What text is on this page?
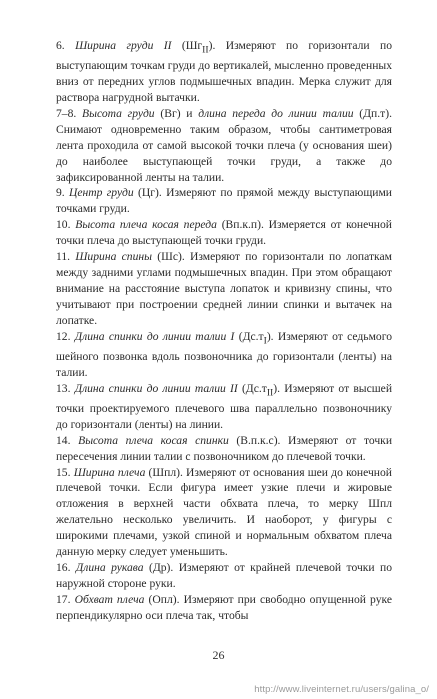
6. Ширина груди II $(Шг_{II})$. Измеряют по горизонтали по выступающим точкам груди до вертикалей, мысленно проведенных вниз от передних углов подмышечных впадин. Мерка служит для раствора нагрудной вытачки.

7–8. Высота груди (Вг) и длина переда до линии талии (Дп.т). Снимают одновременно таким образом, чтобы сантиметровая лента проходила от самой высокой точки плеча (у основания шеи) до наиболее выступающей точки груди, а также до зафиксированной ленты на талии.

9. Центр груди (Цг). Измеряют по прямой между выступающими точками груди.

10. Высота плеча косая переда (Вп.к.п). Измеряется от конечной точки плеча до выступающей точки груди.

11. Ширина спины (Шс). Измеряют по горизонтали по лопаткам между задними углами подмышечных впадин. При этом обращают внимание на расстояние выступа лопаток и кривизну спины, что учитывают при построении средней линии спинки и вытачек на лопатке.

12. Длина спинки до линии талии I $(Дс.т_I)$. Измеряют от седьмого шейного позвонка вдоль позвоночника до горизонтали (ленты) на талии.

13. Длина спинки до линии талии II $(Дс.т_{II})$. Измеряют от высшей точки проектируемого плечевого шва параллельно позвоночнику до горизонтали (ленты) на линии.

14. Высота плеча косая спинки (В.п.к.с). Измеряют от точки пересечения линии талии с позвоночником до плечевой точки.

15. Ширина плеча (Шпл). Измеряют от основания шеи до конечной плечевой точки. Если фигура имеет узкие плечи и жировые отложения в верхней части обхвата плеча, то мерку Шпл желательно несколько увеличить. И наоборот, у фигуры с широкими плечами, узкой спиной и нормальным обхватом плеча данную мерку следует уменьшить.

16. Длина рукава (Др). Измеряют от крайней плечевой точки по наружной стороне руки.

17. Обхват плеча (Опл). Измеряют при свободно опущенной руке перпендикулярно оси плеча так, чтобы

26
http://www.liveinternet.ru/users/galina_o/
